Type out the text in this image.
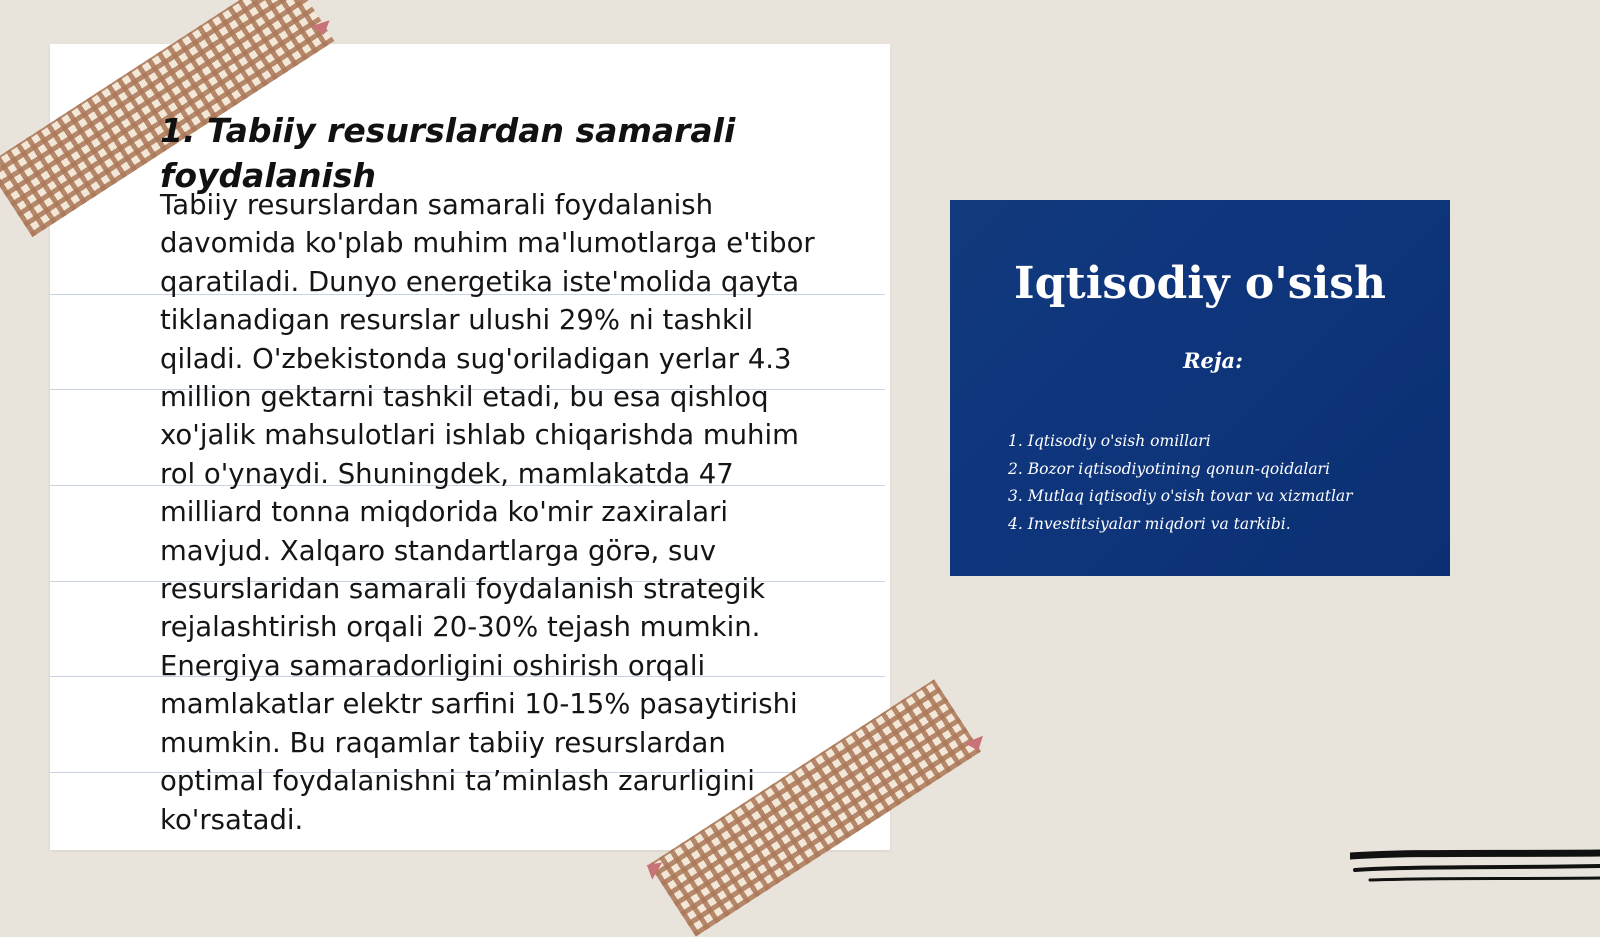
1. Tabiiy resurslardan samarali foydalanish

Tabiiy resurslardan samarali foydalanish davomida ko'plab muhim ma'lumotlarga e'tibor qaratiladi. Dunyo energetika iste'molida qayta tiklanadigan resurslar ulushi 29% ni tashkil qiladi. O'zbekistonda sug'oriladigan yerlar 4.3 million gektarni tashkil etadi, bu esa qishloq xo'jalik mahsulotlari ishlab chiqarishda muhim rol o'ynaydi. Shuningdek, mamlakatda 47 milliard tonna miqdorida ko'mir zaxiralari mavjud. Xalqaro standartlarga görə, suv resurslaridan samarali foydalanish strategik rejalashtirish orqali 20-30% tejash mumkin. Energiya samaradorligini oshirish orqali mamlakatlar elektr sarfini 10-15% pasaytirishi mumkin. Bu raqamlar tabiiy resurslardan optimal foydalanishni ta’minlash zarurligini ko'rsatadi.

Iqtisodiy o'sish
Reja:
1. Iqtisodiy o'sish omillari
2. Bozor iqtisodiyotining qonun-qoidalari
3. Mutlaq iqtisodiy o'sish tovar va xizmatlar
4. Investitsiyalar miqdori va tarkibi.
